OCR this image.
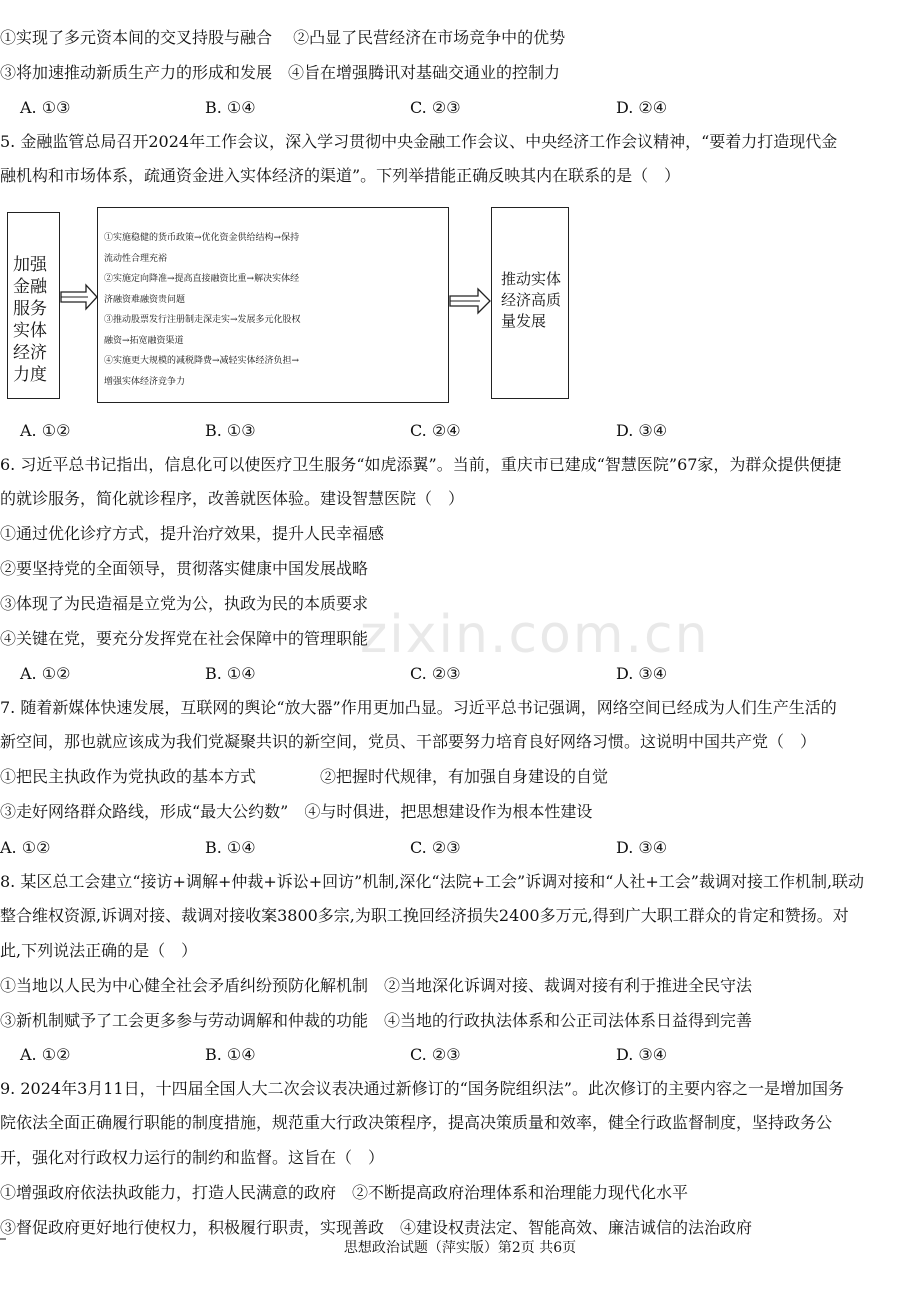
zixin.com.cn
①实现了多元资本间的交叉持股与融合　 ②凸显了民营经济在市场竞争中的优势
③将加速推动新质生产力的形成和发展　④旨在增强腾讯对基础交通业的控制力
A. ①③	B. ①④	C. ②③	D. ②④
5. 金融监管总局召开2024年工作会议，深入学习贯彻中央金融工作会议、中央经济工作会议精神，“要着力打造现代金
融机构和市场体系，疏通资金进入实体经济的渠道”。下列举措能正确反映其内在联系的是（　）
加强金融服务实体经济力度
①实施稳健的货币政策→优化资金供给结构→保持
流动性合理充裕
②实施定向降准→提高直接融资比重→解决实体经
济融资难融资贵问题
③推动股票发行注册制走深走实→发展多元化股权
融资→拓宽融资渠道
④实施更大规模的减税降费→减轻实体经济负担→
增强实体经济竞争力
推动实体经济高质量发展
A. ①②	B. ①③	C. ②④	D. ③④
6. 习近平总书记指出，信息化可以使医疗卫生服务“如虎添翼”。当前，重庆市已建成“智慧医院”67家，为群众提供便捷
的就诊服务，简化就诊程序，改善就医体验。建设智慧医院（　）
①通过优化诊疗方式，提升治疗效果，提升人民幸福感
②要坚持党的全面领导，贯彻落实健康中国发展战略
③体现了为民造福是立党为公，执政为民的本质要求
④关键在党，要充分发挥党在社会保障中的管理职能
A. ①②	B. ①④	C. ②③	D. ③④
7. 随着新媒体快速发展，互联网的舆论“放大器”作用更加凸显。习近平总书记强调，网络空间已经成为人们生产生活的
新空间，那也就应该成为我们党凝聚共识的新空间，党员、干部要努力培育良好网络习惯。这说明中国共产党（　）
①把民主执政作为党执政的基本方式　　　　②把握时代规律，有加强自身建设的自觉
③走好网络群众路线，形成“最大公约数”　④与时俱进，把思想建设作为根本性建设
A. ①②	B. ①④	C. ②③	D. ③④
8. 某区总工会建立“接访+调解+仲裁+诉讼+回访”机制,深化“法院+工会”诉调对接和“人社+工会”裁调对接工作机制,联动
整合维权资源,诉调对接、裁调对接收案3800多宗,为职工挽回经济损失2400多万元,得到广大职工群众的肯定和赞扬。对
此,下列说法正确的是（　）
①当地以人民为中心健全社会矛盾纠纷预防化解机制　②当地深化诉调对接、裁调对接有利于推进全民守法
③新机制赋予了工会更多参与劳动调解和仲裁的功能　④当地的行政执法体系和公正司法体系日益得到完善
A. ①②	B. ①④	C. ②③	D. ③④
9. 2024年3月11日，十四届全国人大二次会议表决通过新修订的“国务院组织法”。此次修订的主要内容之一是增加国务
院依法全面正确履行职能的制度措施，规范重大行政决策程序，提高决策质量和效率，健全行政监督制度，坚持政务公
开，强化对行政权力运行的制约和监督。这旨在（　）
①增强政府依法执政能力，打造人民满意的政府　②不断提高政府治理体系和治理能力现代化水平
③督促政府更好地行使权力，积极履行职责，实现善政　④建设权责法定、智能高效、廉洁诚信的法治政府
思想政治试题（萍实版）第2页 共6页
